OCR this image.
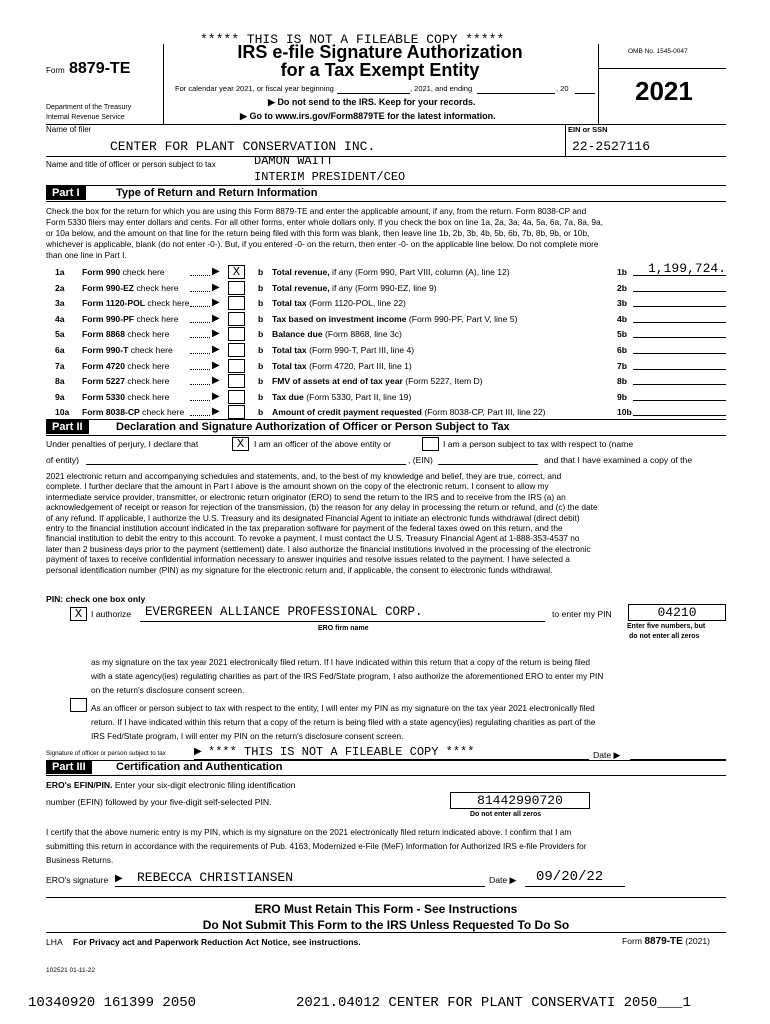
***** THIS IS NOT A FILEABLE COPY *****
Form 8879-TE
Department of the Treasury
Internal Revenue Service
IRS e-file Signature Authorization
for a Tax Exempt Entity
For calendar year 2021, or fiscal year beginning	, 2021, and ending	, 20
▶ Do not send to the IRS. Keep for your records.
▶ Go to www.irs.gov/Form8879TE for the latest information.
OMB No. 1545-0047
2021
Name of filer
CENTER FOR PLANT CONSERVATION INC.
EIN or SSN
22-2527116
Name and title of officer or person subject to tax	DAMON WAITT
INTERIM PRESIDENT/CEO
Part I	Type of Return and Return Information
Check the box for the return for which you are using this Form 8879-TE and enter the applicable amount, if any, from the return. Form 8038-CP and
Form 5330 filers may enter dollars and cents. For all other forms, enter whole dollars only. If you check the box on line 1a, 2a, 3a, 4a, 5a, 6a, 7a, 8a, 9a,
or 10a below, and the amount on that line for the return being filed with this form was blank, then leave line 1b, 2b, 3b, 4b, 5b, 6b, 7b, 8b, 9b, or 10b,
whichever is applicable, blank (do not enter -0-). But, if you entered -0- on the return, then enter -0- on the applicable line below. Do not complete more
than one line in Part I.
1a Form 990 check here	▶	X	b Total revenue, if any (Form 990, Part VIII, column (A), line 12)	1b	1,199,724.
2a Form 990-EZ check here	▶	b Total revenue, if any (Form 990-EZ, line 9)	2b
3a Form 1120-POL check here ▶	b Total tax (Form 1120-POL, line 22)	3b
4a Form 990-PF check here	▶	b Tax based on investment income (Form 990-PF, Part V, line 5)	4b
5a Form 8868 check here	▶	b Balance due (Form 8868, line 3c)	5b
6a Form 990-T check here	▶	b Total tax (Form 990-T, Part III, line 4)	6b
7a Form 4720 check here	▶	b Total tax (Form 4720, Part III, line 1)	7b
8a Form 5227 check here	▶	b FMV of assets at end of tax year (Form 5227, Item D)	8b
9a Form 5330 check here	▶	b Tax due (Form 5330, Part II, line 19)	9b
10a Form 8038-CP check here	▶	b Amount of credit payment requested (Form 8038-CP, Part III, line 22)	10b
Part II	Declaration and Signature Authorization of Officer or Person Subject to Tax
Under penalties of perjury, I declare that	X	I am an officer of the above entity or	I am a person subject to tax with respect to (name
of entity)	, (EIN)	and that I have examined a copy of the
2021 electronic return and accompanying schedules and statements, and, to the best of my knowledge and belief, they are true, correct, and
complete. I further declare that the amount in Part I above is the amount shown on the copy of the electronic return. I consent to allow my
intermediate service provider, transmitter, or electronic return originator (ERO) to send the return to the IRS and to receive from the IRS (a) an
acknowledgement of receipt or reason for rejection of the transmission, (b) the reason for any delay in processing the return or refund, and (c) the date
of any refund. If applicable, I authorize the U.S. Treasury and its designated Financial Agent to initiate an electronic funds withdrawal (direct debit)
entry to the financial institution account indicated in the tax preparation software for payment of the federal taxes owed on this return, and the
financial institution to debit the entry to this account. To revoke a payment, I must contact the U.S. Treasury Financial Agent at 1-888-353-4537 no
later than 2 business days prior to the payment (settlement) date. I also authorize the financial institutions involved in the processing of the electronic
payment of taxes to receive confidential information necessary to answer inquiries and resolve issues related to the payment. I have selected a
personal identification number (PIN) as my signature for the electronic return and, if applicable, the consent to electronic funds withdrawal.
PIN: check one box only
X	I authorize EVERGREEN ALLIANCE PROFESSIONAL CORP.
ERO firm name
to enter my PIN	04210
Enter five numbers, but
do not enter all zeros
as my signature on the tax year 2021 electronically filed return. If I have indicated within this return that a copy of the return is being filed
with a state agency(ies) regulating charities as part of the IRS Fed/State program, I also authorize the aforementioned ERO to enter my PIN
on the return's disclosure consent screen.
As an officer or person subject to tax with respect to the entity, I will enter my PIN as my signature on the tax year 2021 electronically filed
return. If I have indicated within this return that a copy of the return is being filed with a state agency(ies) regulating charities as part of the
IRS Fed/State program, I will enter my PIN on the return's disclosure consent screen.
Signature of officer or person subject to tax	▶ **** THIS IS NOT A FILEABLE COPY ****	Date ▶
Part III	Certification and Authentication
ERO's EFIN/PIN. Enter your six-digit electronic filing identification
number (EFIN) followed by your five-digit self-selected PIN.	81442990720
Do not enter all zeros
I certify that the above numeric entry is my PIN, which is my signature on the 2021 electronically filed return indicated above. I confirm that I am
submitting this return in accordance with the requirements of Pub. 4163, Modernized e-File (MeF) Information for Authorized IRS e-file Providers for
Business Returns.
ERO's signature ▶ REBECCA CHRISTIANSEN	Date ▶ 09/20/22
ERO Must Retain This Form - See Instructions
Do Not Submit This Form to the IRS Unless Requested To Do So
LHA For Privacy act and Paperwork Reduction Act Notice, see instructions.	Form 8879-TE (2021)
102521 01-11-22
10340920 161399 2050	2021.04012 CENTER FOR PLANT CONSERVATI 2050___1
